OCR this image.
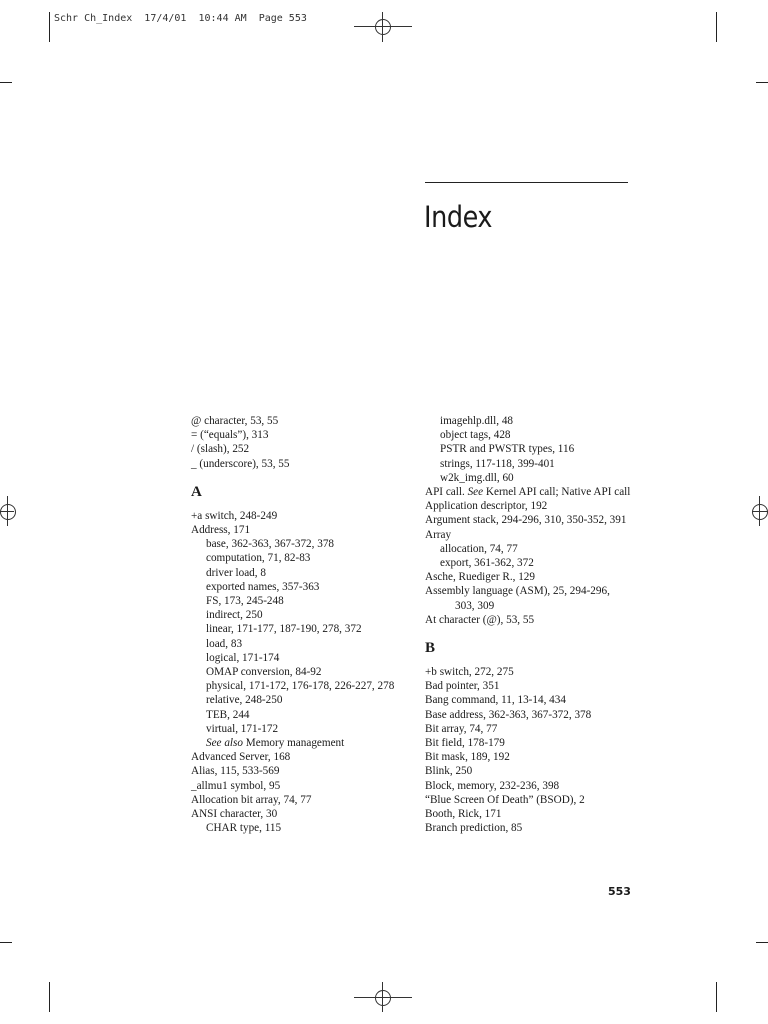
Schr Ch_Index  17/4/01  10:44 AM  Page 553
Index
@ character, 53, 55
= (“equals”), 313
/ (slash), 252
_ (underscore), 53, 55
A
+a switch, 248-249
Address, 171
base, 362-363, 367-372, 378
computation, 71, 82-83
driver load, 8
exported names, 357-363
FS, 173, 245-248
indirect, 250
linear, 171-177, 187-190, 278, 372
load, 83
logical, 171-174
OMAP conversion, 84-92
physical, 171-172, 176-178, 226-227, 278
relative, 248-250
TEB, 244
virtual, 171-172
See also Memory management
Advanced Server, 168
Alias, 115, 533-569
_allmu1 symbol, 95
Allocation bit array, 74, 77
ANSI character, 30
CHAR type, 115
imagehlp.dll, 48
object tags, 428
PSTR and PWSTR types, 116
strings, 117-118, 399-401
w2k_img.dll, 60
API call. See Kernel API call; Native API call
Application descriptor, 192
Argument stack, 294-296, 310, 350-352, 391
Array
allocation, 74, 77
export, 361-362, 372
Asche, Ruediger R., 129
Assembly language (ASM), 25, 294-296,
303, 309
At character (@), 53, 55
B
+b switch, 272, 275
Bad pointer, 351
Bang command, 11, 13-14, 434
Base address, 362-363, 367-372, 378
Bit array, 74, 77
Bit field, 178-179
Bit mask, 189, 192
Blink, 250
Block, memory, 232-236, 398
“Blue Screen Of Death” (BSOD), 2
Booth, Rick, 171
Branch prediction, 85
553
